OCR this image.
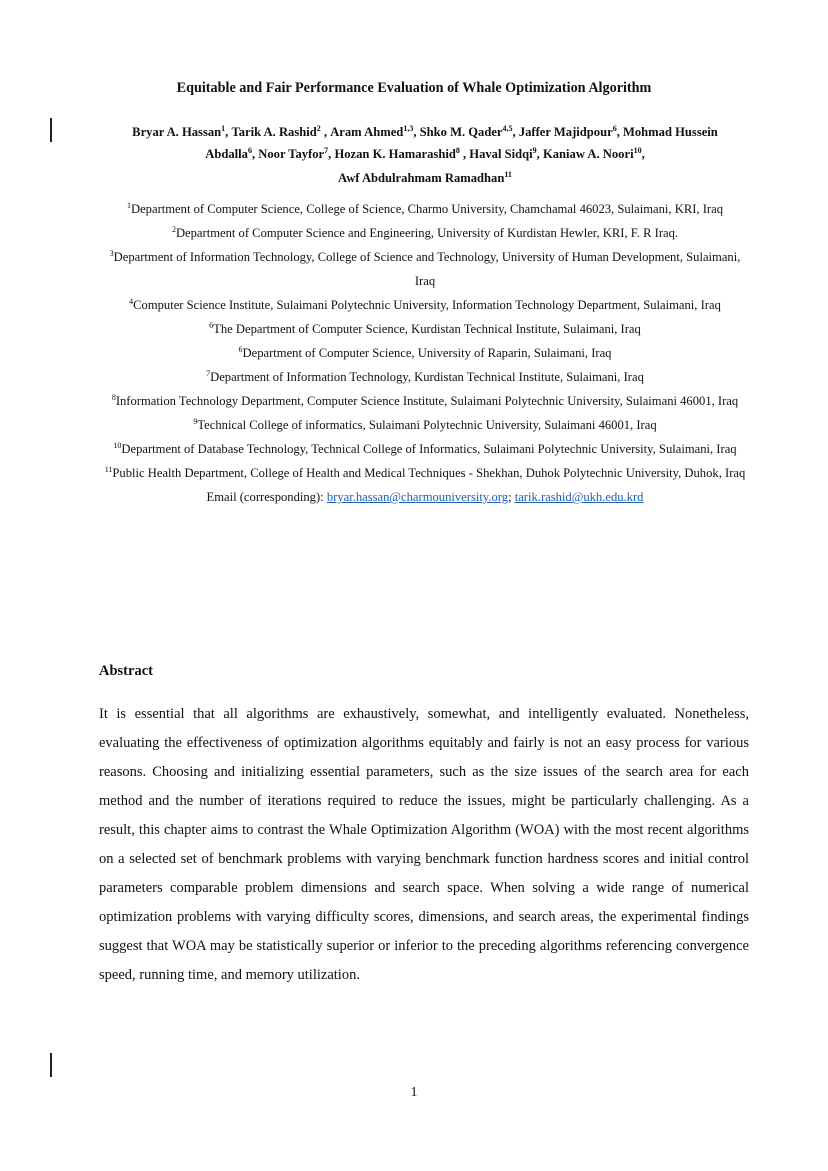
Equitable and Fair Performance Evaluation of Whale Optimization Algorithm
Bryar A. Hassan$^1$, Tarik A. Rashid$^2$ , Aram Ahmed$^{1,3}$, Shko M. Qader$^{4,5}$, Jaffer Majidpour$^6$, Mohmad Hussein Abdalla$^6$, Noor Tayfor$^7$, Hozan K. Hamarashid$^8$ , Haval Sidqi$^9$, Kaniaw A. Noori$^{10}$,
Awf Abdulrahmam Ramadhan$^{11}$

$^1$Department of Computer Science, College of Science, Charmo University, Chamchamal 46023, Sulaimani, KRI, Iraq

$^2$Department of Computer Science and Engineering, University of Kurdistan Hewler, KRI, F. R Iraq.

$^3$Department of Information Technology, College of Science and Technology, University of Human Development, Sulaimani, Iraq

$^4$Computer Science Institute, Sulaimani Polytechnic University, Information Technology Department, Sulaimani, Iraq

$^6$The Department of Computer Science, Kurdistan Technical Institute, Sulaimani, Iraq

$^6$Department of Computer Science, University of Raparin, Sulaimani, Iraq

$^7$Department of Information Technology, Kurdistan Technical Institute, Sulaimani, Iraq

$^8$Information Technology Department, Computer Science Institute, Sulaimani Polytechnic University, Sulaimani 46001, Iraq

$^9$Technical College of informatics, Sulaimani Polytechnic University, Sulaimani 46001, Iraq

$^{10}$Department of Database Technology, Technical College of Informatics, Sulaimani Polytechnic University, Sulaimani, Iraq

$^{11}$Public Health Department, College of Health and Medical Techniques - Shekhan, Duhok Polytechnic University, Duhok, Iraq

Email (corresponding): bryar.hassan@charmouniversity.org; tarik.rashid@ukh.edu.krd

Abstract

It is essential that all algorithms are exhaustively, somewhat, and intelligently evaluated. Nonetheless, evaluating the effectiveness of optimization algorithms equitably and fairly is not an easy process for various reasons. Choosing and initializing essential parameters, such as the size issues of the search area for each method and the number of iterations required to reduce the issues, might be particularly challenging. As a result, this chapter aims to contrast the Whale Optimization Algorithm (WOA) with the most recent algorithms on a selected set of benchmark problems with varying benchmark function hardness scores and initial control parameters comparable problem dimensions and search space. When solving a wide range of numerical optimization problems with varying difficulty scores, dimensions, and search areas, the experimental findings suggest that WOA may be statistically superior or inferior to the preceding algorithms referencing convergence speed, running time, and memory utilization.

1
